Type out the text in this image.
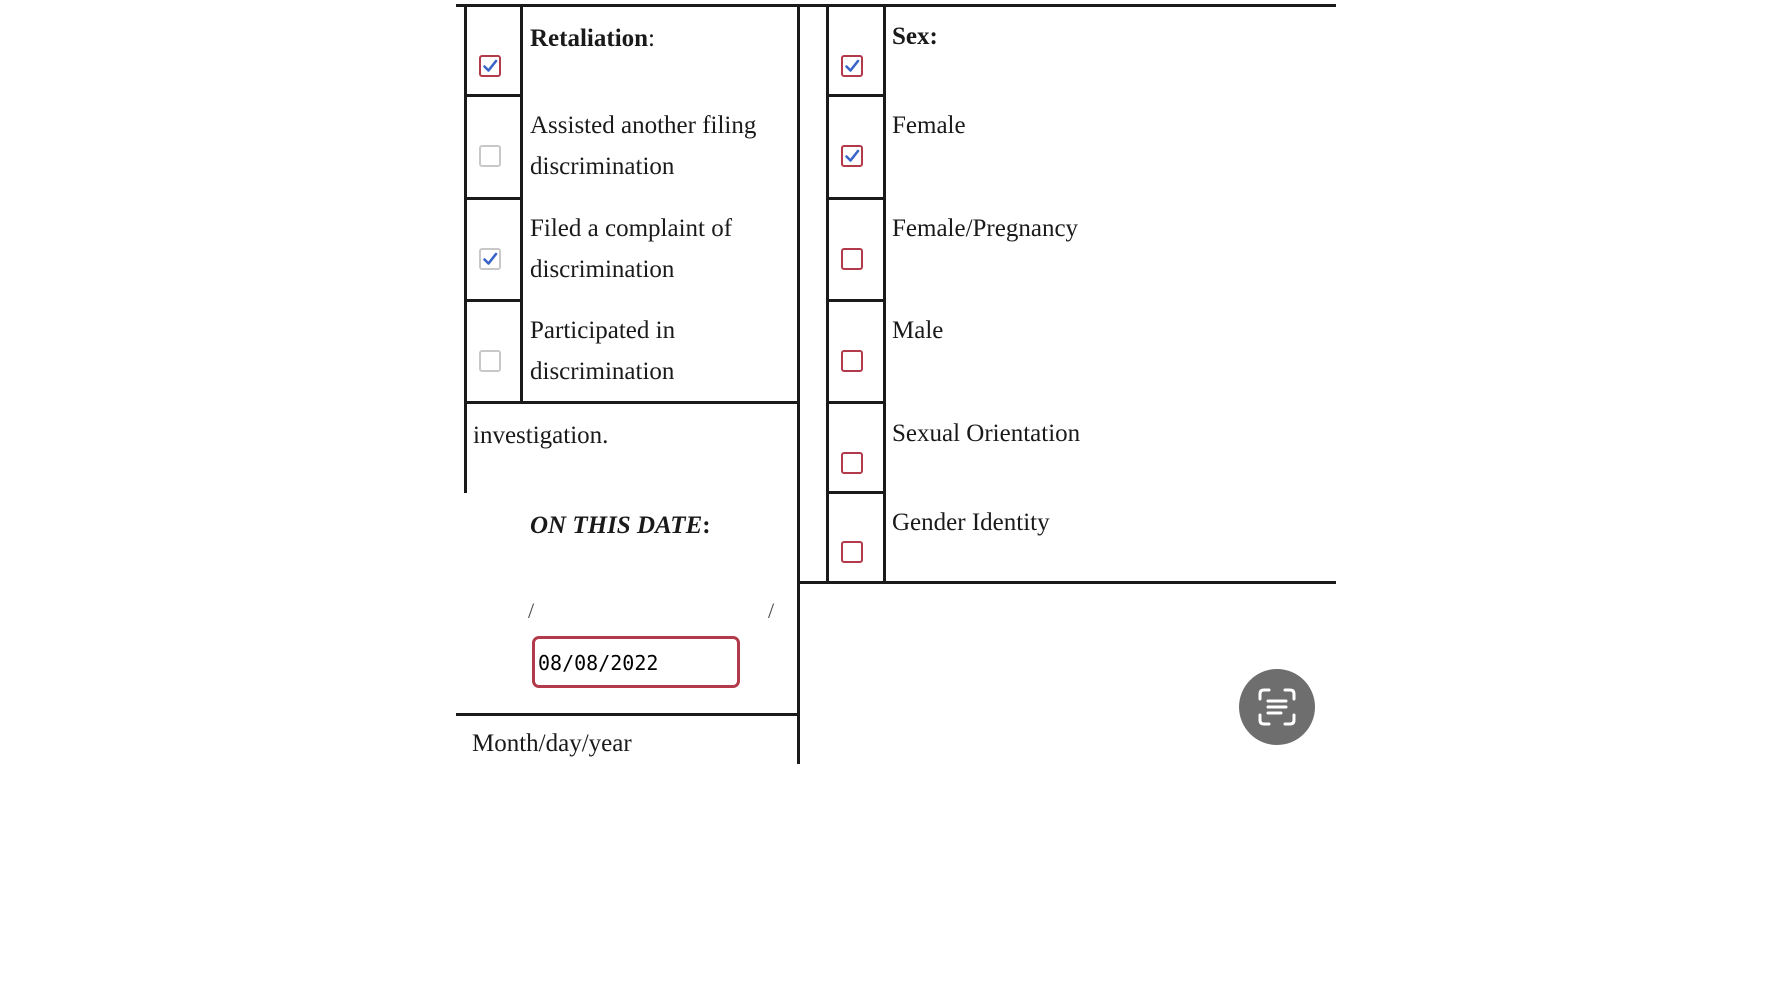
Retaliation:
Assisted another filing
discrimination
Filed a complaint of
discrimination
Participated in
discrimination
investigation.
ON THIS DATE:
/	/
08/08/2022
Month/day/year
Sex:
Female
Female/Pregnancy
Male
Sexual Orientation
Gender Identity
